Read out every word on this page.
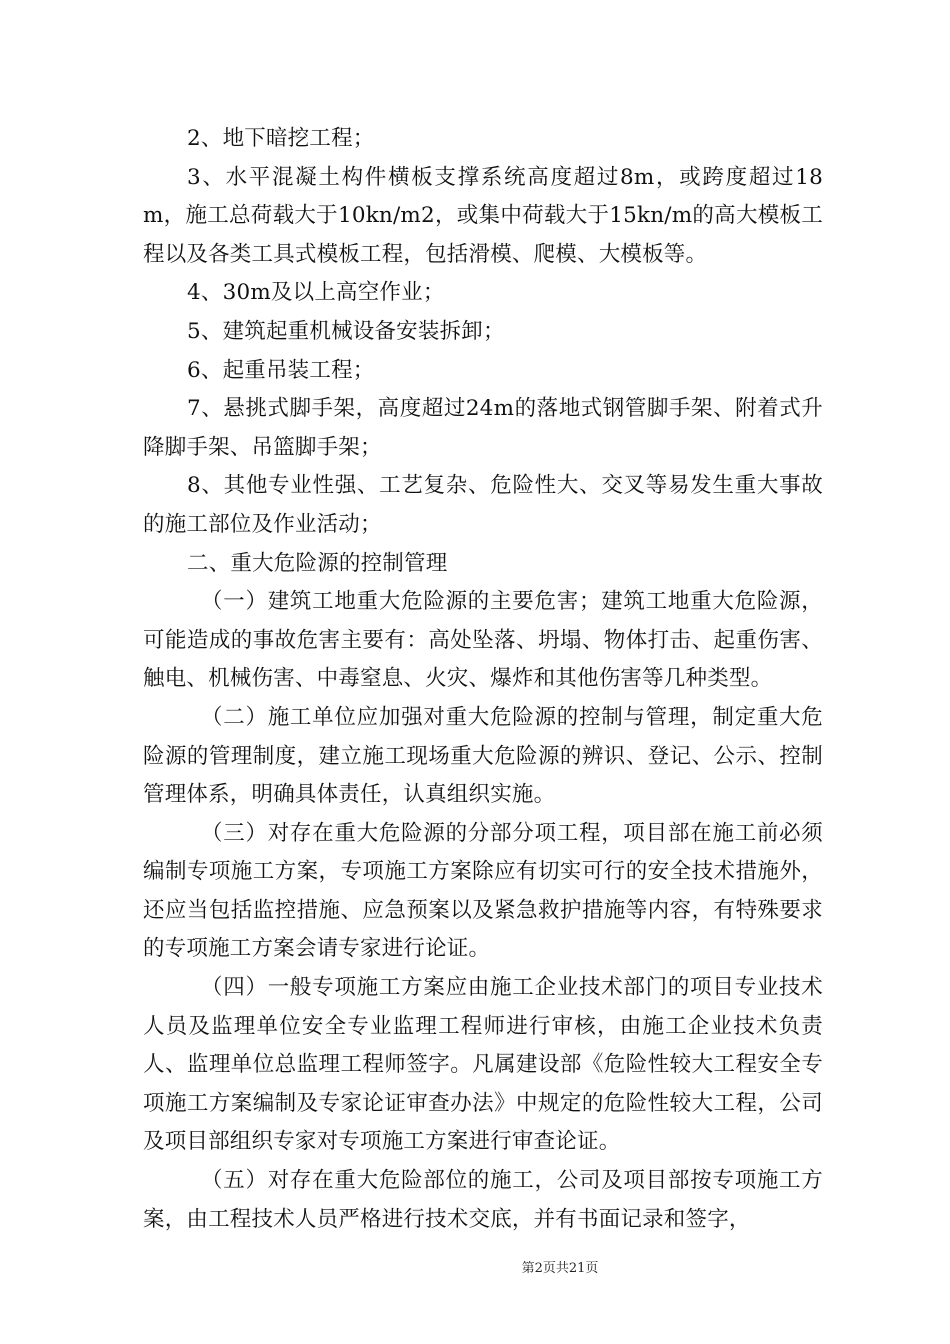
2、地下暗挖工程；

3、水平混凝土构件横板支撑系统高度超过8m，或跨度超过18m，施工总荷载大于10kn/m2，或集中荷载大于15kn/m的高大模板工程以及各类工具式模板工程，包括滑模、爬模、大模板等。

4、30m及以上高空作业；

5、建筑起重机械设备安装拆卸；

6、起重吊装工程；

7、悬挑式脚手架，高度超过24m的落地式钢管脚手架、附着式升降脚手架、吊篮脚手架；

8、其他专业性强、工艺复杂、危险性大、交叉等易发生重大事故的施工部位及作业活动；

二、重大危险源的控制管理

（一）建筑工地重大危险源的主要危害；建筑工地重大危险源，可能造成的事故危害主要有：高处坠落、坍塌、物体打击、起重伤害、触电、机械伤害、中毒窒息、火灾、爆炸和其他伤害等几种类型。

（二）施工单位应加强对重大危险源的控制与管理，制定重大危险源的管理制度，建立施工现场重大危险源的辨识、登记、公示、控制管理体系，明确具体责任，认真组织实施。

（三）对存在重大危险源的分部分项工程，项目部在施工前必须编制专项施工方案，专项施工方案除应有切实可行的安全技术措施外，还应当包括监控措施、应急预案以及紧急救护措施等内容，有特殊要求的专项施工方案会请专家进行论证。

（四）一般专项施工方案应由施工企业技术部门的项目专业技术人员及监理单位安全专业监理工程师进行审核，由施工企业技术负责人、监理单位总监理工程师签字。凡属建设部《危险性较大工程安全专项施工方案编制及专家论证审查办法》中规定的危险性较大工程，公司及项目部组织专家对专项施工方案进行审查论证。

（五）对存在重大危险部位的施工，公司及项目部按专项施工方案，由工程技术人员严格进行技术交底，并有书面记录和签字，

第2页共21页
